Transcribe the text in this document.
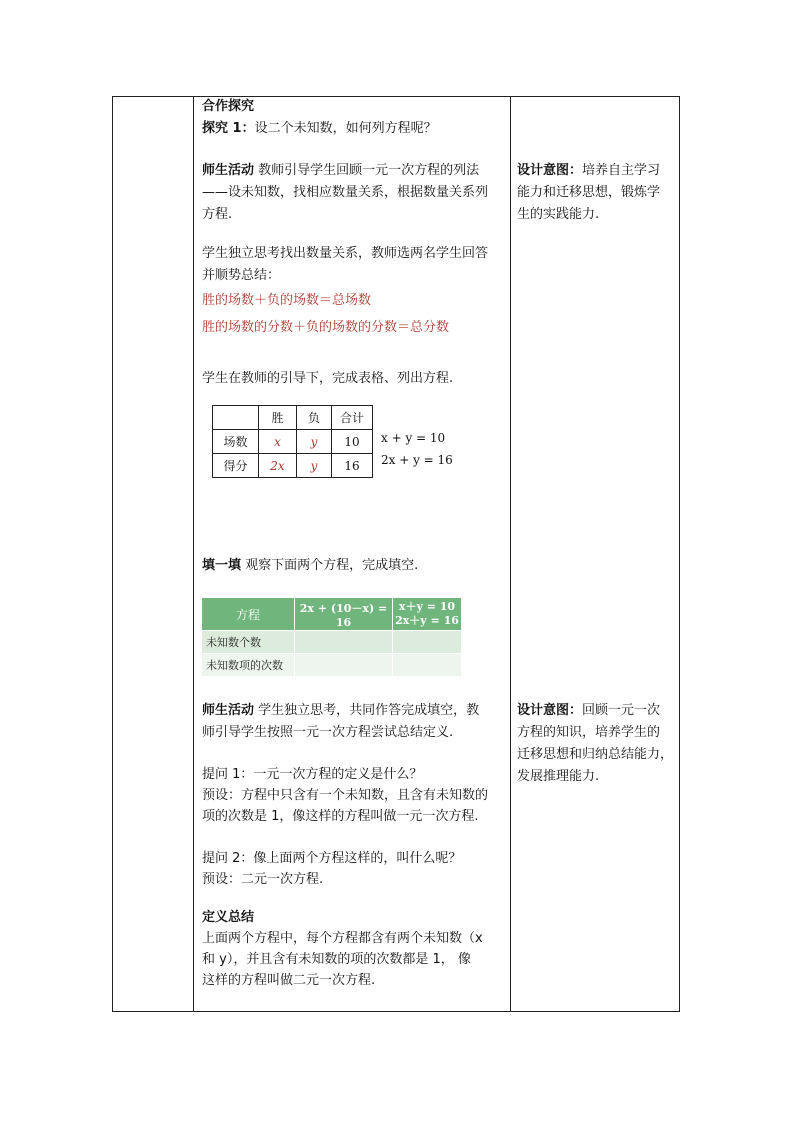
合作探究
探究 1：设二个未知数，如何列方程呢？
师生活动 教师引导学生回顾一元一次方程的列法
——设未知数，找相应数量关系，根据数量关系列
方程.
设计意图：培养自主学习
能力和迁移思想，锻炼学
生的实践能力.
学生独立思考找出数量关系，教师选两名学生回答
并顺势总结：
胜的场数＋负的场数＝总场数
胜的场数的分数＋负的场数的分数＝总分数
学生在教师的引导下，完成表格、列出方程.
	胜	负	合计
场数	x	y	10
得分	2x	y	16
x + y = 10
2x + y = 16
填一填 观察下面两个方程，完成填空.
方程	2x + (10－x) = 16	x＋y = 10
2x＋y = 16

未知数个数		
未知数项的次数		
师生活动 学生独立思考，共同作答完成填空，教
师引导学生按照一元一次方程尝试总结定义.
设计意图：回顾一元一次
方程的知识，培养学生的
迁移思想和归纳总结能力，
发展推理能力.
提问 1：一元一次方程的定义是什么？
预设：方程中只含有一个未知数，且含有未知数的
项的次数是 1，像这样的方程叫做一元一次方程.
提问 2：像上面两个方程这样的，叫什么呢？
预设：二元一次方程.
定义总结
上面两个方程中，每个方程都含有两个未知数（x
和 y），并且含有未知数的项的次数都是 1， 像
这样的方程叫做二元一次方程.
